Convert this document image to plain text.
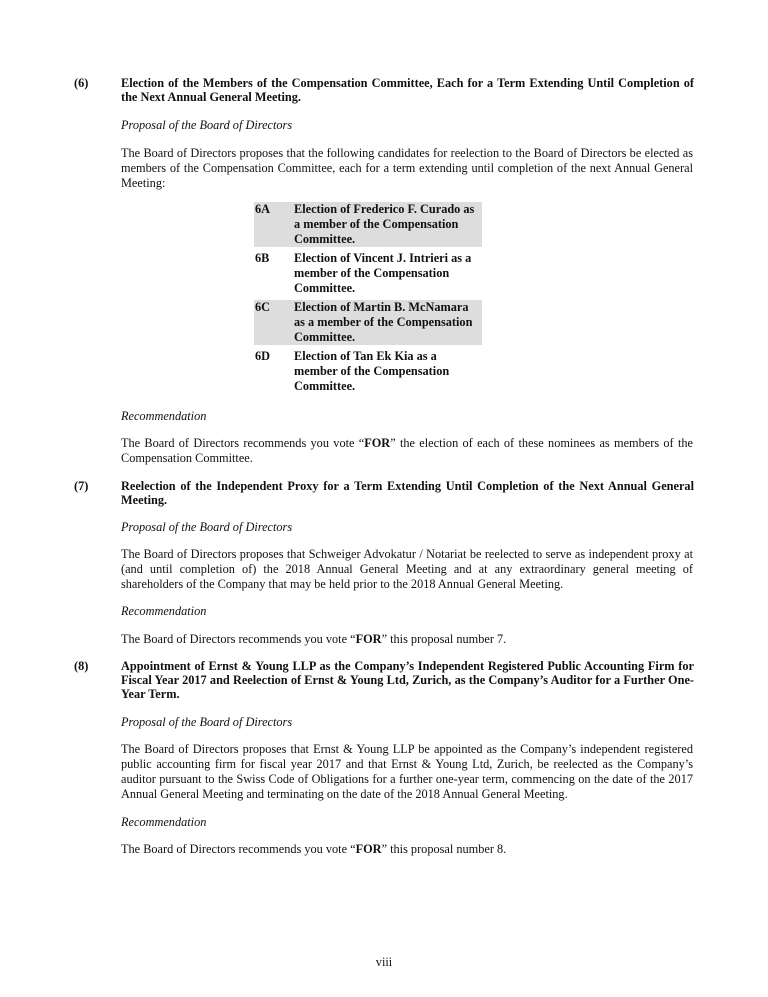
(6)	Election of the Members of the Compensation Committee, Each for a Term Extending Until Completion of the Next Annual General Meeting.
Proposal of the Board of Directors
The Board of Directors proposes that the following candidates for reelection to the Board of Directors be elected as members of the Compensation Committee, each for a term extending until completion of the next Annual General Meeting:
6A	Election of Frederico F. Curado as a member of the Compensation Committee.
6B	Election of Vincent J. Intrieri as a member of the Compensation Committee.
6C	Election of Martin B. McNamara as a member of the Compensation Committee.
6D	Election of Tan Ek Kia as a member of the Compensation Committee.
Recommendation
The Board of Directors recommends you vote “FOR” the election of each of these nominees as members of the Compensation Committee.
(7)	Reelection of the Independent Proxy for a Term Extending Until Completion of the Next Annual General Meeting.
Proposal of the Board of Directors
The Board of Directors proposes that Schweiger Advokatur / Notariat be reelected to serve as independent proxy at (and until completion of) the 2018 Annual General Meeting and at any extraordinary general meeting of shareholders of the Company that may be held prior to the 2018 Annual General Meeting.
Recommendation
The Board of Directors recommends you vote “FOR” this proposal number 7.
(8)	Appointment of Ernst & Young LLP as the Company’s Independent Registered Public Accounting Firm for Fiscal Year 2017 and Reelection of Ernst & Young Ltd, Zurich, as the Company’s Auditor for a Further One-Year Term.
Proposal of the Board of Directors
The Board of Directors proposes that Ernst & Young LLP be appointed as the Company’s independent registered public accounting firm for fiscal year 2017 and that Ernst & Young Ltd, Zurich, be reelected as the Company’s auditor pursuant to the Swiss Code of Obligations for a further one-year term, commencing on the date of the 2017 Annual General Meeting and terminating on the date of the 2018 Annual General Meeting.
Recommendation
The Board of Directors recommends you vote “FOR” this proposal number 8.
viii
